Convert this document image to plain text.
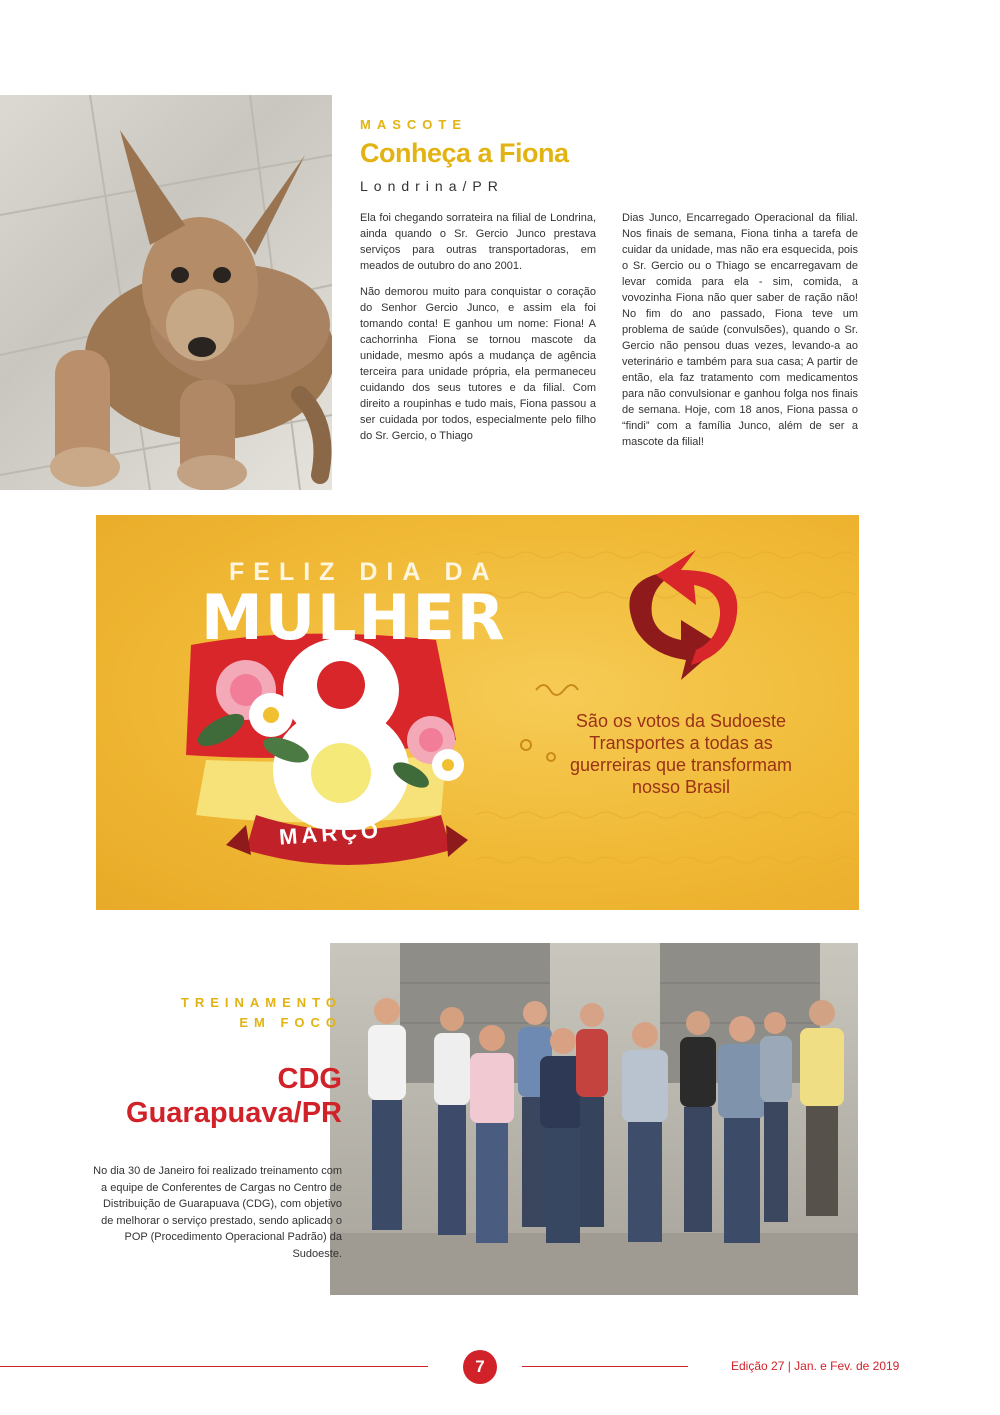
MASCOTE
Conheça a Fiona
Londrina/PR

Ela foi chegando sorrateira na filial de Londrina, ainda quando o Sr. Gercio Junco prestava serviços para outras transportadoras, em meados de outubro do ano 2001.

Não demorou muito para conquistar o coração do Senhor Gercio Junco, e assim ela foi tomando conta! E ganhou um nome: Fiona! A cachorrinha Fiona se tornou mascote da unidade, mesmo após a mudança de agência terceira para unidade própria, ela permaneceu cuidando dos seus tutores e da filial. Com direito a roupinhas e tudo mais, Fiona passou a ser cuidada por todos, especialmente pelo filho do Sr. Gercio, o Thiago

Dias Junco, Encarregado Operacional da filial. Nos finais de semana, Fiona tinha a tarefa de cuidar da unidade, mas não era esquecida, pois o Sr. Gercio ou o Thiago se encarregavam de levar comida para ela - sim, comida, a vovozinha Fiona não quer saber de ração não! No fim do ano passado, Fiona teve um problema de saúde (convulsões), quando o Sr. Gercio não pensou duas vezes, levando-a ao veterinário e também para sua casa; A partir de então, ela faz tratamento com medicamentos para não convulsionar e ganhou folga nos finais de semana. Hoje, com 18 anos, Fiona passa o “findi” com a família Junco, além de ser a mascote da filial!

FELIZ DIA DA
MULHER
MARÇO
São os votos da Sudoeste Transportes a todas as guerreiras que transformam nosso Brasil
TREINAMENTO
EM FOCO
CDG
Guarapuava/PR
No dia 30 de Janeiro foi realizado treinamento com a equipe de Conferentes de Cargas no Centro de Distribuição de Guarapuava (CDG), com objetivo de melhorar o serviço prestado, sendo aplicado o POP (Procedimento Operacional Padrão) da Sudoeste.
7	Edição 27 | Jan. e Fev. de 2019
